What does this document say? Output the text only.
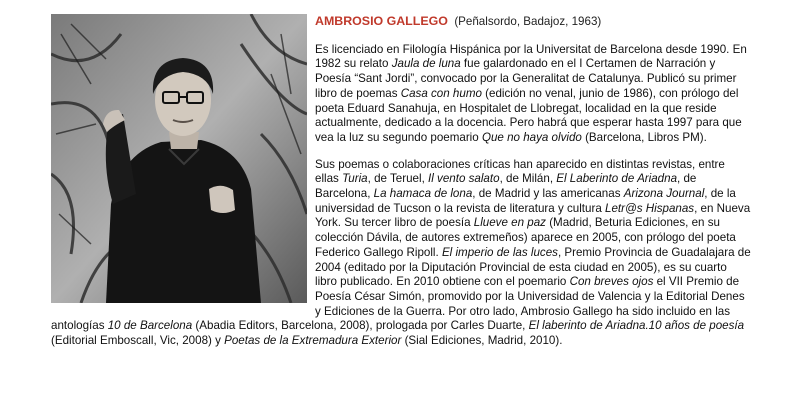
AMBROSIO GALLEGO (Peñalsordo, Badajoz, 1963)

Es licenciado en Filología Hispánica por la Universitat de Barcelona desde 1990. En 1982 su relato Jaula de luna fue galardonado en el I Certamen de Narración y Poesía “Sant Jordi”, convocado por la Generalitat de Catalunya. Publicó su primer libro de poemas Casa con humo (edición no venal, junio de 1986), con prólogo del poeta Eduard Sanahuja, en Hospitalet de Llobregat, localidad en la que reside actualmente, dedicado a la docencia. Pero habrá que esperar hasta 1997 para que vea la luz su segundo poemario Que no haya olvido (Barcelona, Libros PM).

Sus poemas o colaboraciones críticas han aparecido en distintas revistas, entre ellas Turia, de Teruel, Il vento salato, de Milán, El Laberinto de Ariadna, de Barcelona, La hamaca de lona, de Madrid y las americanas Arizona Journal, de la universidad de Tucson o la revista de literatura y cultura Letr@s Hispanas, en Nueva York. Su tercer libro de poesía Llueve en paz (Madrid, Beturia Ediciones, en su colección Dávila, de autores extremeños) aparece en 2005, con prólogo del poeta Federico Gallego Ripoll. El imperio de las luces, Premio Provincia de Guadalajara de 2004 (editado por la Diputación Provincial de esta ciudad en 2005), es su cuarto libro publicado. En 2010 obtiene con el poemario Con breves ojos el VII Premio de Poesía César Simón, promovido por la Universidad de Valencia y la Editorial Denes y Ediciones de la Guerra. Por otro lado, Ambrosio Gallego ha sido incluido en las antologías 10 de Barcelona (Abadia Editors, Barcelona, 2008), prologada por Carles Duarte, El laberinto de Ariadna.10 años de poesía (Editorial Emboscall, Vic, 2008) y Poetas de la Extremadura Exterior (Sial Ediciones, Madrid, 2010).
